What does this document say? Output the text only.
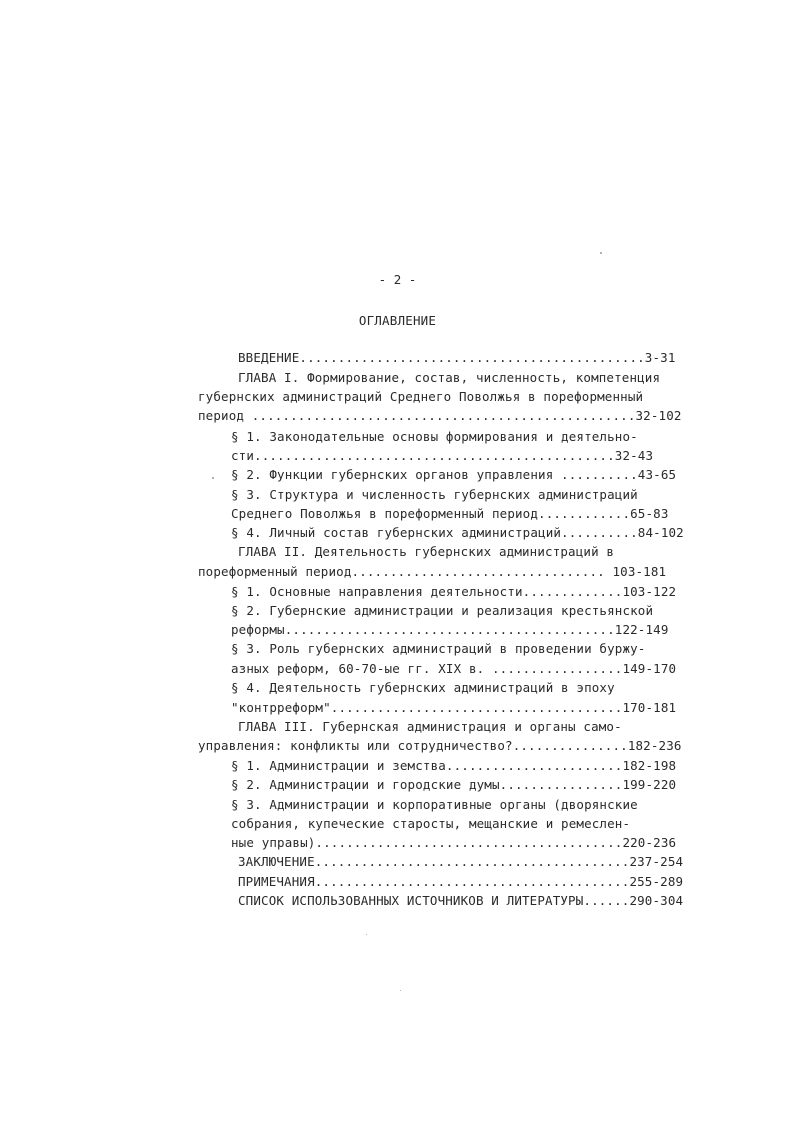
- 2 -
ОГЛАВЛЕНИЕ
ВВЕДЕНИЕ.............................................3-31
ГЛАВА I. Формирование, состав, численность, компетенция
губернских администраций Среднего Поволжья в пореформенный
период ..................................................32-102
§ 1. Законодательные основы формирования и деятельно-
сти...............................................32-43
§ 2. Функции губернских органов управления ..........43-65
§ 3. Структура и численность губернских администраций
Среднего Поволжья в пореформенный период............65-83
§ 4. Личный состав губернских администраций..........84-102
ГЛАВА II. Деятельность губернских администраций в
пореформенный период................................. 103-181
§ 1. Основные направления деятельности.............103-122
§ 2. Губернские администрации и реализация крестьянской
реформы...........................................122-149
§ 3. Роль губернских администраций в проведении буржу-
азных реформ, 60-70-ые гг. XIX в. .................149-170
§ 4. Деятельность губернских администраций в эпоху
"контрреформ"......................................170-181
ГЛАВА III. Губернская администрация и органы само-
управления: конфликты или сотрудничество?...............182-236
§ 1. Администрации и земства.......................182-198
§ 2. Администрации и городские думы................199-220
§ 3. Администрации и корпоративные органы (дворянские
собрания, купеческие старосты, мещанские и ремеслен-
ные управы)........................................220-236
ЗАКЛЮЧЕНИЕ.........................................237-254
ПРИМЕЧАНИЯ.........................................255-289
СПИСОК ИСПОЛЬЗОВАННЫХ ИСТОЧНИКОВ И ЛИТЕРАТУРЫ......290-304
